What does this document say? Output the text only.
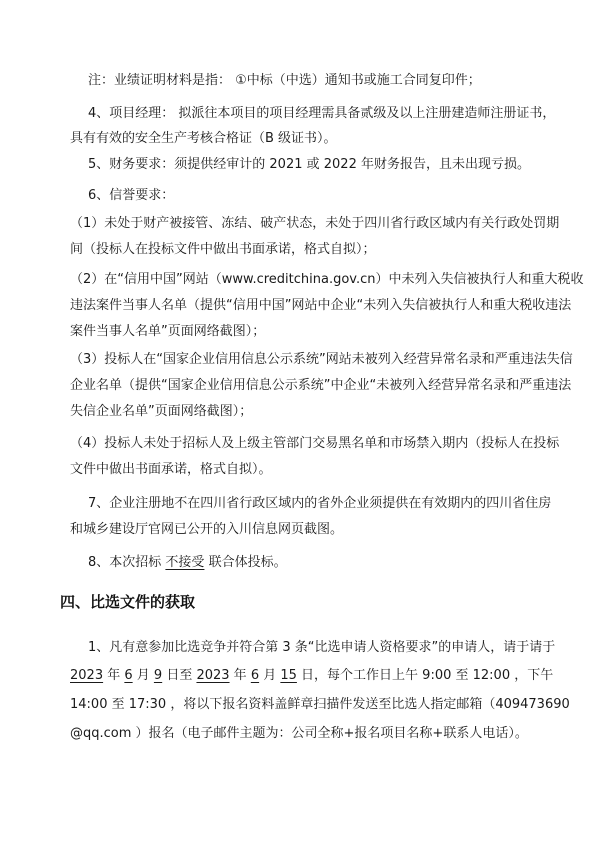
注：业绩证明材料是指： ①中标（中选）通知书或施工合同复印件；
4、项目经理： 拟派往本项目的项目经理需具备贰级及以上注册建造师注册证书，
具有有效的安全生产考核合格证（B 级证书）。
5、财务要求：须提供经审计的 2021 或 2022 年财务报告，且未出现亏损。
6、信誉要求：
（1）未处于财产被接管、冻结、破产状态，未处于四川省行政区域内有关行政处罚期
间（投标人在投标文件中做出书面承诺，格式自拟）；
（2）在“信用中国”网站（www.creditchina.gov.cn）中未列入失信被执行人和重大税收
违法案件当事人名单（提供“信用中国”网站中企业“未列入失信被执行人和重大税收违法
案件当事人名单”页面网络截图）；
（3）投标人在“国家企业信用信息公示系统”网站未被列入经营异常名录和严重违法失信
企业名单（提供“国家企业信用信息公示系统”中企业“未被列入经营异常名录和严重违法
失信企业名单”页面网络截图）；
（4）投标人未处于招标人及上级主管部门交易黑名单和市场禁入期内（投标人在投标
文件中做出书面承诺，格式自拟）。
7、企业注册地不在四川省行政区域内的省外企业须提供在有效期内的四川省住房
和城乡建设厅官网已公开的入川信息网页截图。
8、本次招标 不接受 联合体投标。
四、比选文件的获取
1、凡有意参加比选竞争并符合第 3 条“比选申请人资格要求”的申请人，请于请于
2023 年 6 月 9 日至 2023 年 6 月 15 日，每个工作日上午 9:00 至 12:00 ，下午
14:00 至 17:30 ，将以下报名资料盖鲜章扫描件发送至比选人指定邮箱（409473690
@qq.com ）报名（电子邮件主题为：公司全称+报名项目名称+联系人电话）。
